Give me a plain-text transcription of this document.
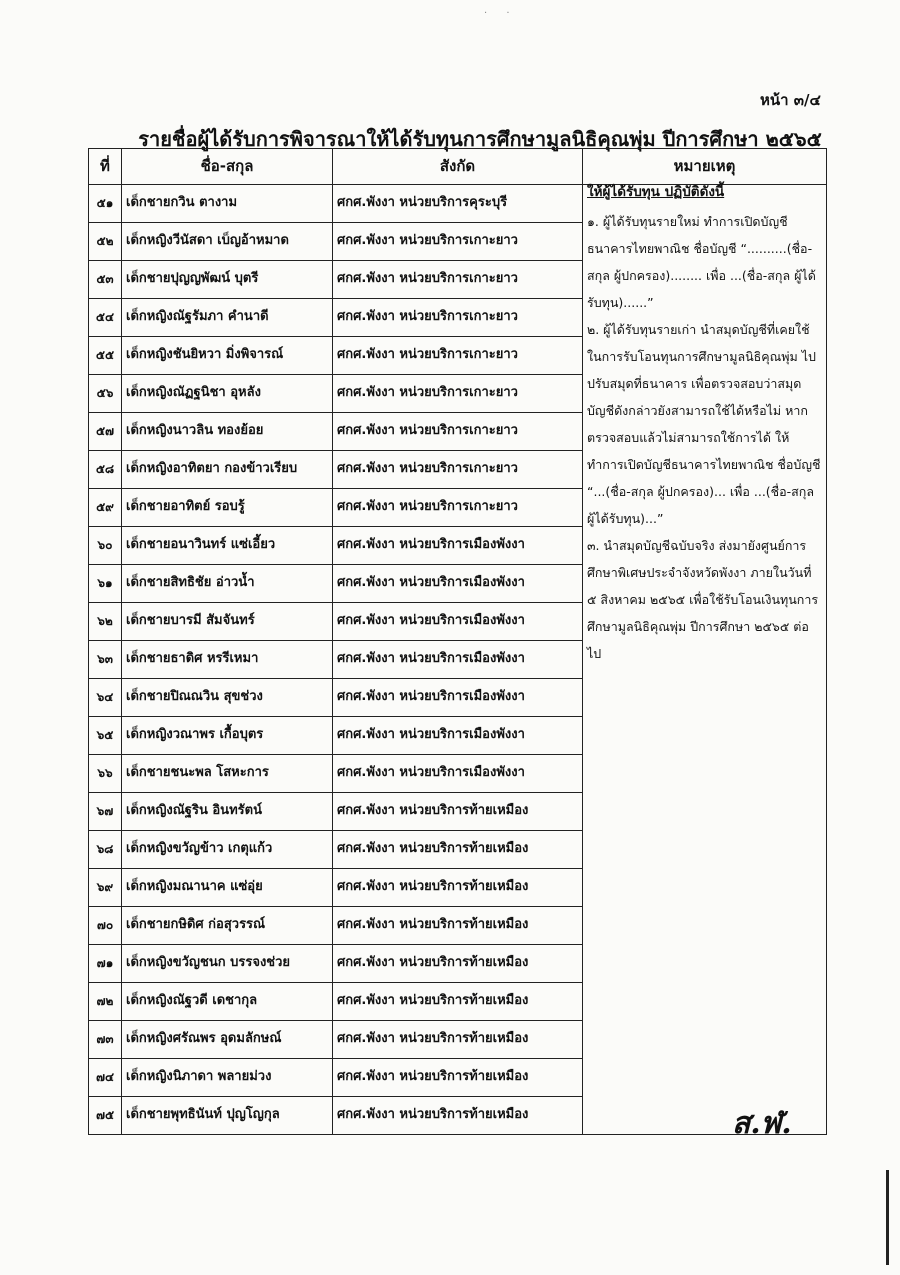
· ·
หน้า ๓/๔
รายชื่อผู้ได้รับการพิจารณาให้ได้รับทุนการศึกษามูลนิธิคุณพุ่ม ปีการศึกษา ๒๕๖๕
ที่	ชื่อ-สกุล	สังกัด	หมายเหตุ
๕๑	เด็กชายกวิน ตางาม	ศกศ.พังงา หน่วยบริการคุระบุรี	ให้ผู้ได้รับทุน ปฏิบัติดังนี้
๑. ผู้ได้รับทุนรายใหม่ ทำการเปิดบัญชีธนาคารไทยพาณิช ชื่อบัญชี “..........(ชื่อ-สกุล ผู้ปกครอง)........ เพื่อ ...(ชื่อ-สกุล ผู้ได้รับทุน)......”
๒. ผู้ได้รับทุนรายเก่า นำสมุดบัญชีที่เคยใช้ในการรับโอนทุนการศึกษามูลนิธิคุณพุ่ม ไปปรับสมุดที่ธนาคาร เพื่อตรวจสอบว่าสมุดบัญชีดังกล่าวยังสามารถใช้ได้หรือไม่ หากตรวจสอบแล้วไม่สามารถใช้การได้ ให้ทำการเปิดบัญชีธนาคารไทยพาณิช ชื่อบัญชี “...(ชื่อ-สกุล ผู้ปกครอง)... เพื่อ ...(ชื่อ-สกุล ผู้ได้รับทุน)...”
๓. นำสมุดบัญชีฉบับจริง ส่งมายังศูนย์การศึกษาพิเศษประจำจังหวัดพังงา ภายในวันที่ ๕ สิงหาคม ๒๕๖๕ เพื่อใช้รับโอนเงินทุนการศึกษามูลนิธิคุณพุ่ม ปีการศึกษา ๒๕๖๕ ต่อไป

๕๒	เด็กหญิงวีนัสดา เบ็ญอ้าหมาด	ศกศ.พังงา หน่วยบริการเกาะยาว	
๕๓	เด็กชายปุญญพัฒน์ บุตรี	ศกศ.พังงา หน่วยบริการเกาะยาว	
๕๔	เด็กหญิงณัฐรัมภา คำนาดี	ศกศ.พังงา หน่วยบริการเกาะยาว	
๕๕	เด็กหญิงชันยิหวา มิ่งพิจารณ์	ศกศ.พังงา หน่วยบริการเกาะยาว	
๕๖	เด็กหญิงณัฏฐนิชา อุหลัง	ศกศ.พังงา หน่วยบริการเกาะยาว	
๕๗	เด็กหญิงนาวลิน ทองย้อย	ศกศ.พังงา หน่วยบริการเกาะยาว	
๕๘	เด็กหญิงอาทิตยา กองข้าวเรียบ	ศกศ.พังงา หน่วยบริการเกาะยาว	
๕๙	เด็กชายอาทิตย์ รอบรู้	ศกศ.พังงา หน่วยบริการเกาะยาว	
๖๐	เด็กชายอนาวินทร์ แซ่เอี้ยว	ศกศ.พังงา หน่วยบริการเมืองพังงา	
๖๑	เด็กชายสิทธิชัย อ่าวน้ำ	ศกศ.พังงา หน่วยบริการเมืองพังงา	
๖๒	เด็กชายบารมี สัมจันทร์	ศกศ.พังงา หน่วยบริการเมืองพังงา	
๖๓	เด็กชายธาดิศ หรรีเหมา	ศกศ.พังงา หน่วยบริการเมืองพังงา	
๖๔	เด็กชายปิณณวิน สุขช่วง	ศกศ.พังงา หน่วยบริการเมืองพังงา	
๖๕	เด็กหญิงวณาพร เกื้อบุตร	ศกศ.พังงา หน่วยบริการเมืองพังงา	
๖๖	เด็กชายชนะพล โสหะการ	ศกศ.พังงา หน่วยบริการเมืองพังงา	
๖๗	เด็กหญิงณัฐริน อินทรัตน์	ศกศ.พังงา หน่วยบริการท้ายเหมือง	
๖๘	เด็กหญิงขวัญข้าว เกตุแก้ว	ศกศ.พังงา หน่วยบริการท้ายเหมือง	
๖๙	เด็กหญิงมณานาค แซ่อุ่ย	ศกศ.พังงา หน่วยบริการท้ายเหมือง	
๗๐	เด็กชายกษิดิศ ก่อสุวรรณ์	ศกศ.พังงา หน่วยบริการท้ายเหมือง	
๗๑	เด็กหญิงขวัญชนก บรรจงช่วย	ศกศ.พังงา หน่วยบริการท้ายเหมือง	
๗๒	เด็กหญิงณัฐวดี เดชากุล	ศกศ.พังงา หน่วยบริการท้ายเหมือง	
๗๓	เด็กหญิงศรัณพร อุดมลักษณ์	ศกศ.พังงา หน่วยบริการท้ายเหมือง	
๗๔	เด็กหญิงนิภาดา พลายม่วง	ศกศ.พังงา หน่วยบริการท้ายเหมือง	
๗๕	เด็กชายพุทธินันท์ ปุญโญกุล	ศกศ.พังงา หน่วยบริการท้ายเหมือง		ส.ฬ.
